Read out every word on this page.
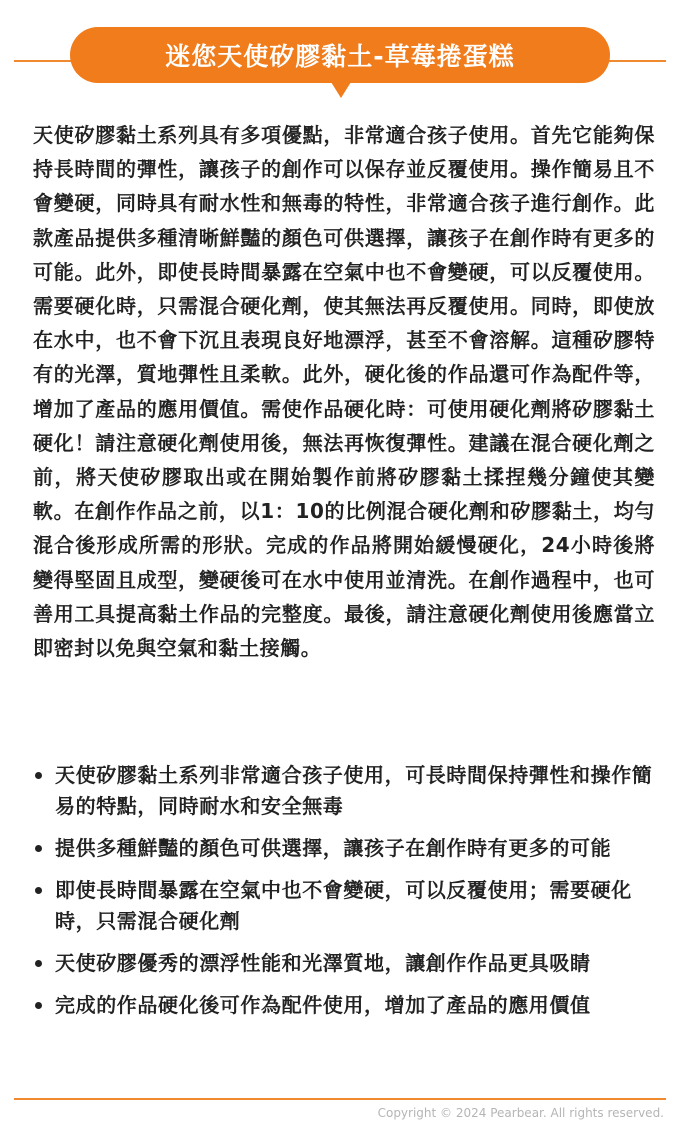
迷您天使矽膠黏土-草莓捲蛋糕

天使矽膠黏土系列具有多項優點，非常適合孩子使用。首先它能夠保持長時間的彈性，讓孩子的創作可以保存並反覆使用。操作簡易且不會變硬，同時具有耐水性和無毒的特性，非常適合孩子進行創作。此款產品提供多種清晰鮮豔的顏色可供選擇，讓孩子在創作時有更多的可能。此外，即使長時間暴露在空氣中也不會變硬，可以反覆使用。需要硬化時，只需混合硬化劑，使其無法再反覆使用。同時，即使放在水中，也不會下沉且表現良好地漂浮，甚至不會溶解。這種矽膠特有的光澤，質地彈性且柔軟。此外，硬化後的作品還可作為配件等，增加了產品的應用價值。需使作品硬化時：可使用硬化劑將矽膠黏土硬化！請注意硬化劑使用後，無法再恢復彈性。建議在混合硬化劑之前，將天使矽膠取出或在開始製作前將矽膠黏土揉捏幾分鐘使其變軟。在創作作品之前，以1：10的比例混合硬化劑和矽膠黏土，均勻混合後形成所需的形狀。完成的作品將開始緩慢硬化，24小時後將變得堅固且成型，變硬後可在水中使用並清洗。在創作過程中，也可善用工具提高黏土作品的完整度。最後，請注意硬化劑使用後應當立即密封以免與空氣和黏土接觸。

天使矽膠黏土系列非常適合孩子使用，可長時間保持彈性和操作簡易的特點，同時耐水和安全無毒
提供多種鮮豔的顏色可供選擇，讓孩子在創作時有更多的可能
即使長時間暴露在空氣中也不會變硬，可以反覆使用；需要硬化時，只需混合硬化劑
天使矽膠優秀的漂浮性能和光澤質地，讓創作作品更具吸睛
完成的作品硬化後可作為配件使用，增加了產品的應用價值
Copyright © 2024 Pearbear. All rights reserved.
